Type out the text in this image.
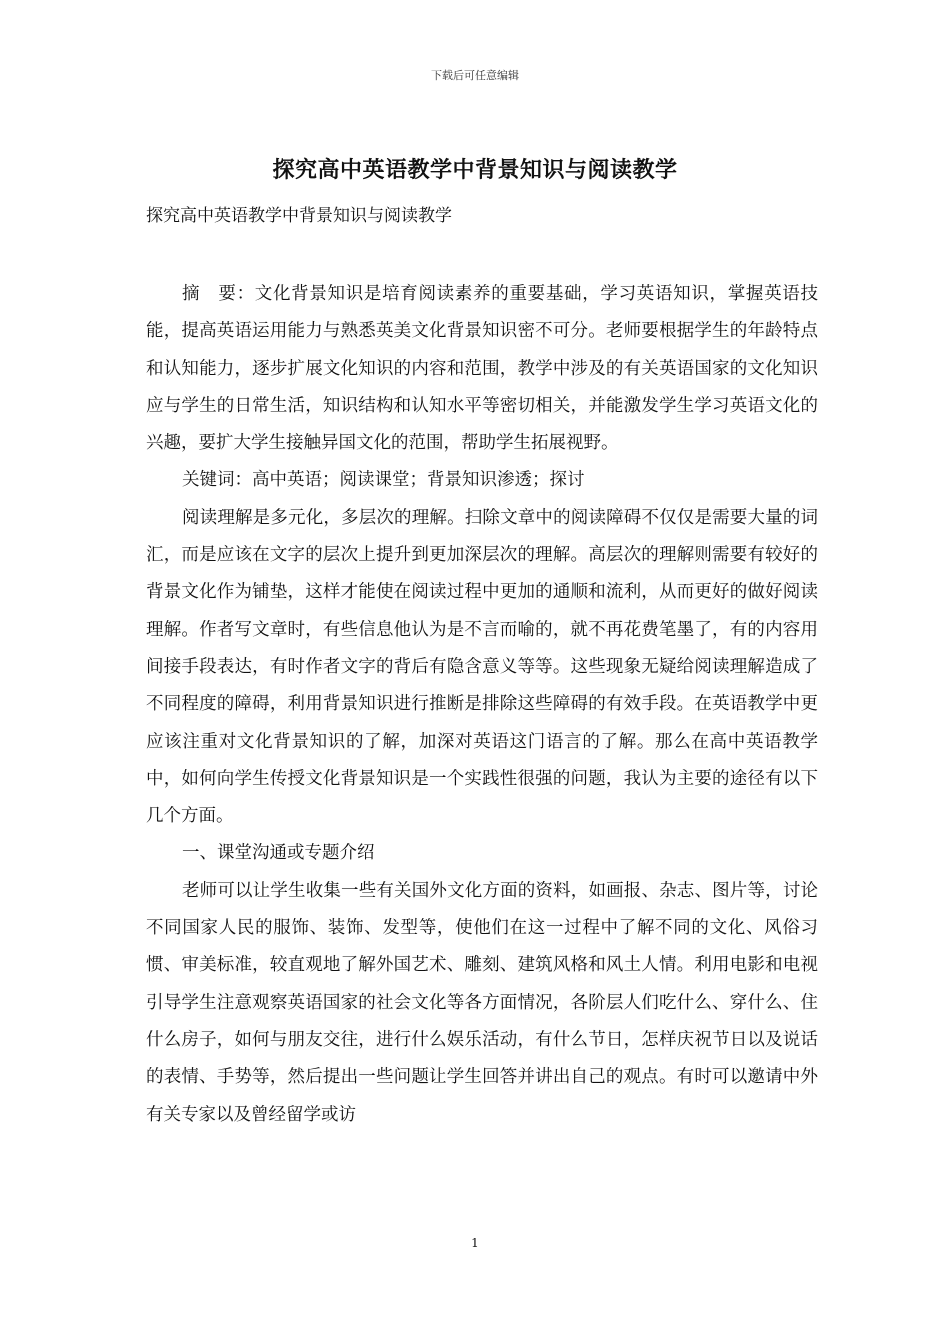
下载后可任意编辑
探究高中英语教学中背景知识与阅读教学
探究高中英语教学中背景知识与阅读教学

摘　要：文化背景知识是培育阅读素养的重要基础，学习英语知识，掌握英语技能，提高英语运用能力与熟悉英美文化背景知识密不可分。老师要根据学生的年龄特点和认知能力，逐步扩展文化知识的内容和范围，教学中涉及的有关英语国家的文化知识应与学生的日常生活，知识结构和认知水平等密切相关，并能激发学生学习英语文化的兴趣，要扩大学生接触异国文化的范围，帮助学生拓展视野。

关键词：高中英语；阅读课堂；背景知识渗透；探讨

阅读理解是多元化，多层次的理解。扫除文章中的阅读障碍不仅仅是需要大量的词汇，而是应该在文字的层次上提升到更加深层次的理解。高层次的理解则需要有较好的背景文化作为铺垫，这样才能使在阅读过程中更加的通顺和流利，从而更好的做好阅读理解。作者写文章时，有些信息他认为是不言而喻的，就不再花费笔墨了，有的内容用间接手段表达，有时作者文字的背后有隐含意义等等。这些现象无疑给阅读理解造成了不同程度的障碍，利用背景知识进行推断是排除这些障碍的有效手段。在英语教学中更应该注重对文化背景知识的了解，加深对英语这门语言的了解。那么在高中英语教学中，如何向学生传授文化背景知识是一个实践性很强的问题，我认为主要的途径有以下几个方面。

一、课堂沟通或专题介绍

老师可以让学生收集一些有关国外文化方面的资料，如画报、杂志、图片等，讨论不同国家人民的服饰、装饰、发型等，使他们在这一过程中了解不同的文化、风俗习惯、审美标准，较直观地了解外国艺术、雕刻、建筑风格和风土人情。利用电影和电视引导学生注意观察英语国家的社会文化等各方面情况，各阶层人们吃什么、穿什么、住什么房子，如何与朋友交往，进行什么娱乐活动，有什么节日，怎样庆祝节日以及说话的表情、手势等，然后提出一些问题让学生回答并讲出自己的观点。有时可以邀请中外有关专家以及曾经留学或访

1
